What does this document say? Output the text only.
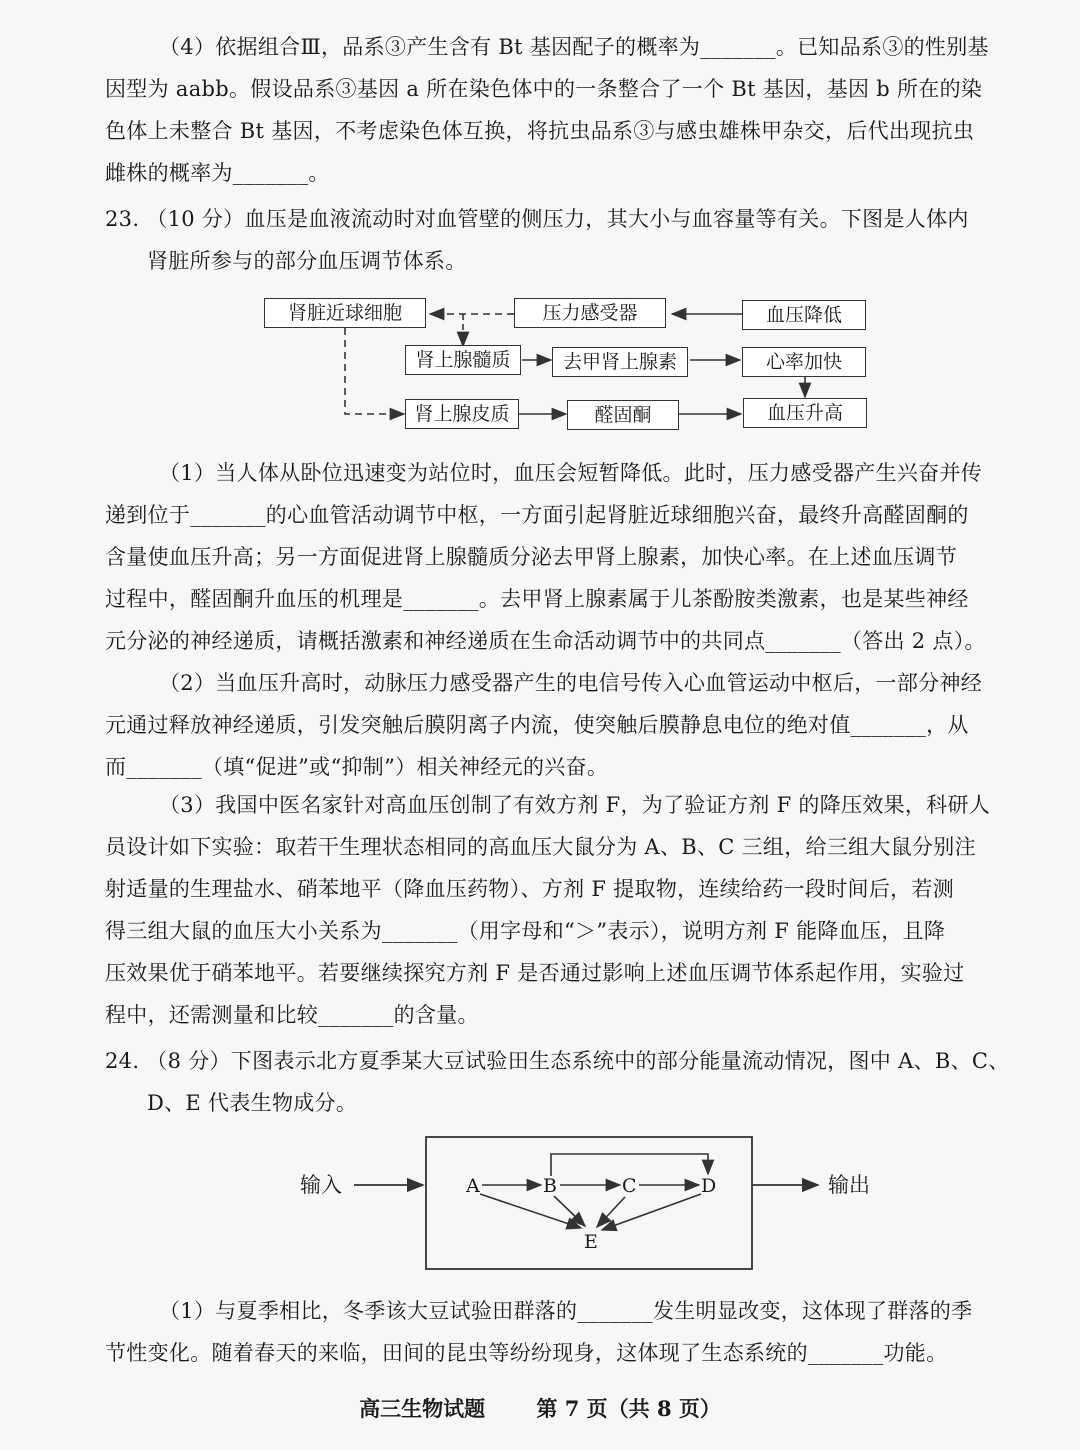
（4）依据组合Ⅲ，品系③产生含有 Bt 基因配子的概率为_______。已知品系③的性别基
因型为 aabb。假设品系③基因 a 所在染色体中的一条整合了一个 Bt 基因，基因 b 所在的染
色体上未整合 Bt 基因，不考虑染色体互换，将抗虫品系③与感虫雄株甲杂交，后代出现抗虫
雌株的概率为_______。
23. （10 分）血压是血液流动时对血管壁的侧压力，其大小与血容量等有关。下图是人体内
肾脏所参与的部分血压调节体系。
肾脏近球细胞	压力感受器	血压降低
肾上腺髓质	去甲肾上腺素	心率加快
肾上腺皮质	醛固酮	血压升高
（1）当人体从卧位迅速变为站位时，血压会短暂降低。此时，压力感受器产生兴奋并传
递到位于_______的心血管活动调节中枢，一方面引起肾脏近球细胞兴奋，最终升高醛固酮的
含量使血压升高；另一方面促进肾上腺髓质分泌去甲肾上腺素，加快心率。在上述血压调节
过程中，醛固酮升血压的机理是_______。去甲肾上腺素属于儿茶酚胺类激素，也是某些神经
元分泌的神经递质，请概括激素和神经递质在生命活动调节中的共同点_______（答出 2 点）。
（2）当血压升高时，动脉压力感受器产生的电信号传入心血管运动中枢后，一部分神经
元通过释放神经递质，引发突触后膜阴离子内流，使突触后膜静息电位的绝对值_______，从
而_______（填“促进”或“抑制”）相关神经元的兴奋。
（3）我国中医名家针对高血压创制了有效方剂 F，为了验证方剂 F 的降压效果，科研人
员设计如下实验：取若干生理状态相同的高血压大鼠分为 A、B、C 三组，给三组大鼠分别注
射适量的生理盐水、硝苯地平（降血压药物）、方剂 F 提取物，连续给药一段时间后，若测
得三组大鼠的血压大小关系为_______（用字母和“＞”表示），说明方剂 F 能降血压，且降
压效果优于硝苯地平。若要继续探究方剂 F 是否通过影响上述血压调节体系起作用，实验过
程中，还需测量和比较_______的含量。
24. （8 分）下图表示北方夏季某大豆试验田生态系统中的部分能量流动情况，图中 A、B、C、
D、E 代表生物成分。
输入	输出
A	B	C	D
E
（1）与夏季相比，冬季该大豆试验田群落的_______发生明显改变，这体现了群落的季
节性变化。随着春天的来临，田间的昆虫等纷纷现身，这体现了生态系统的_______功能。
高三生物试题 第 7 页（共 8 页）
